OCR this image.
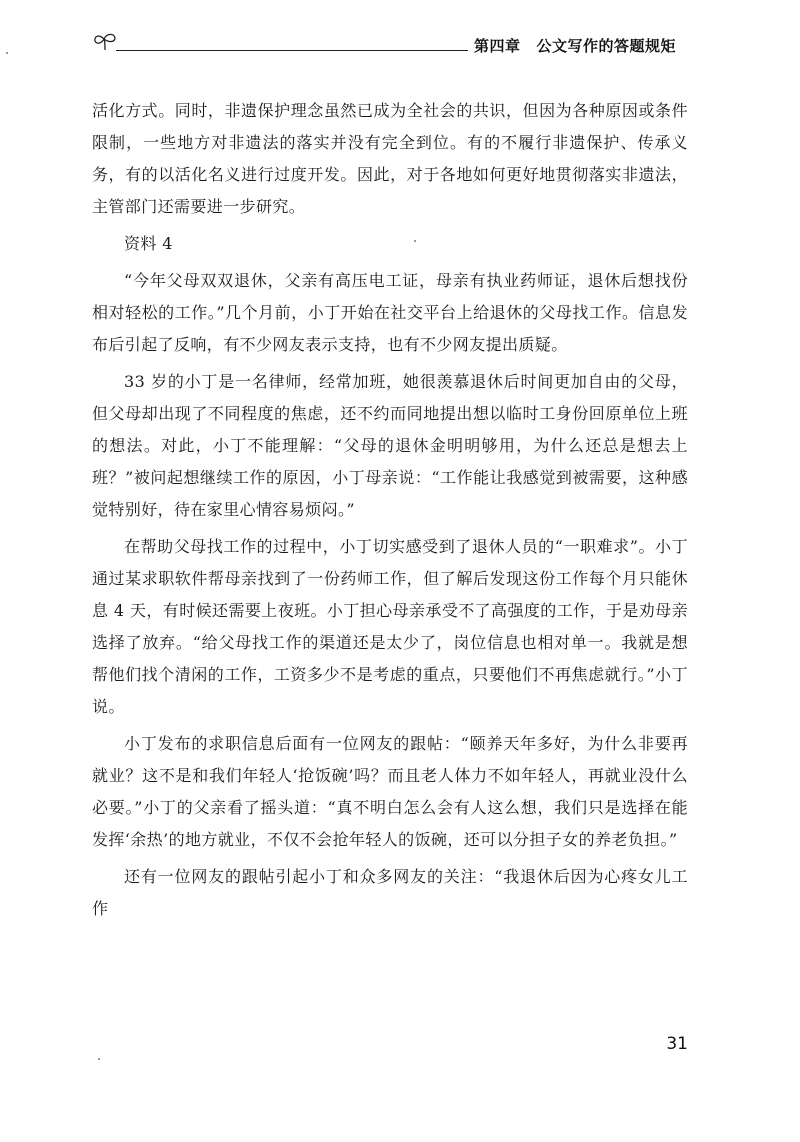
第四章 公文写作的答题规矩

活化方式。同时，非遗保护理念虽然已成为全社会的共识，但因为各种原因或条件限制，一些地方对非遗法的落实并没有完全到位。有的不履行非遗保护、传承义务，有的以活化名义进行过度开发。因此，对于各地如何更好地贯彻落实非遗法，主管部门还需要进一步研究。

资料 4

“今年父母双双退休，父亲有高压电工证，母亲有执业药师证，退休后想找份相对轻松的工作。”几个月前，小丁开始在社交平台上给退休的父母找工作。信息发布后引起了反响，有不少网友表示支持，也有不少网友提出质疑。

33 岁的小丁是一名律师，经常加班，她很羡慕退休后时间更加自由的父母，但父母却出现了不同程度的焦虑，还不约而同地提出想以临时工身份回原单位上班的想法。对此，小丁不能理解：“父母的退休金明明够用，为什么还总是想去上班？”被问起想继续工作的原因，小丁母亲说：“工作能让我感觉到被需要，这种感觉特别好，待在家里心情容易烦闷。”

在帮助父母找工作的过程中，小丁切实感受到了退休人员的“一职难求”。小丁通过某求职软件帮母亲找到了一份药师工作，但了解后发现这份工作每个月只能休息 4 天，有时候还需要上夜班。小丁担心母亲承受不了高强度的工作，于是劝母亲选择了放弃。“给父母找工作的渠道还是太少了，岗位信息也相对单一。我就是想帮他们找个清闲的工作，工资多少不是考虑的重点，只要他们不再焦虑就行。”小丁说。

小丁发布的求职信息后面有一位网友的跟帖：“颐养天年多好，为什么非要再就业？这不是和我们年轻人‘抢饭碗’吗？而且老人体力不如年轻人，再就业没什么必要。”小丁的父亲看了摇头道：“真不明白怎么会有人这么想，我们只是选择在能发挥‘余热’的地方就业，不仅不会抢年轻人的饭碗，还可以分担子女的养老负担。”

还有一位网友的跟帖引起小丁和众多网友的关注：“我退休后因为心疼女儿工作

31
